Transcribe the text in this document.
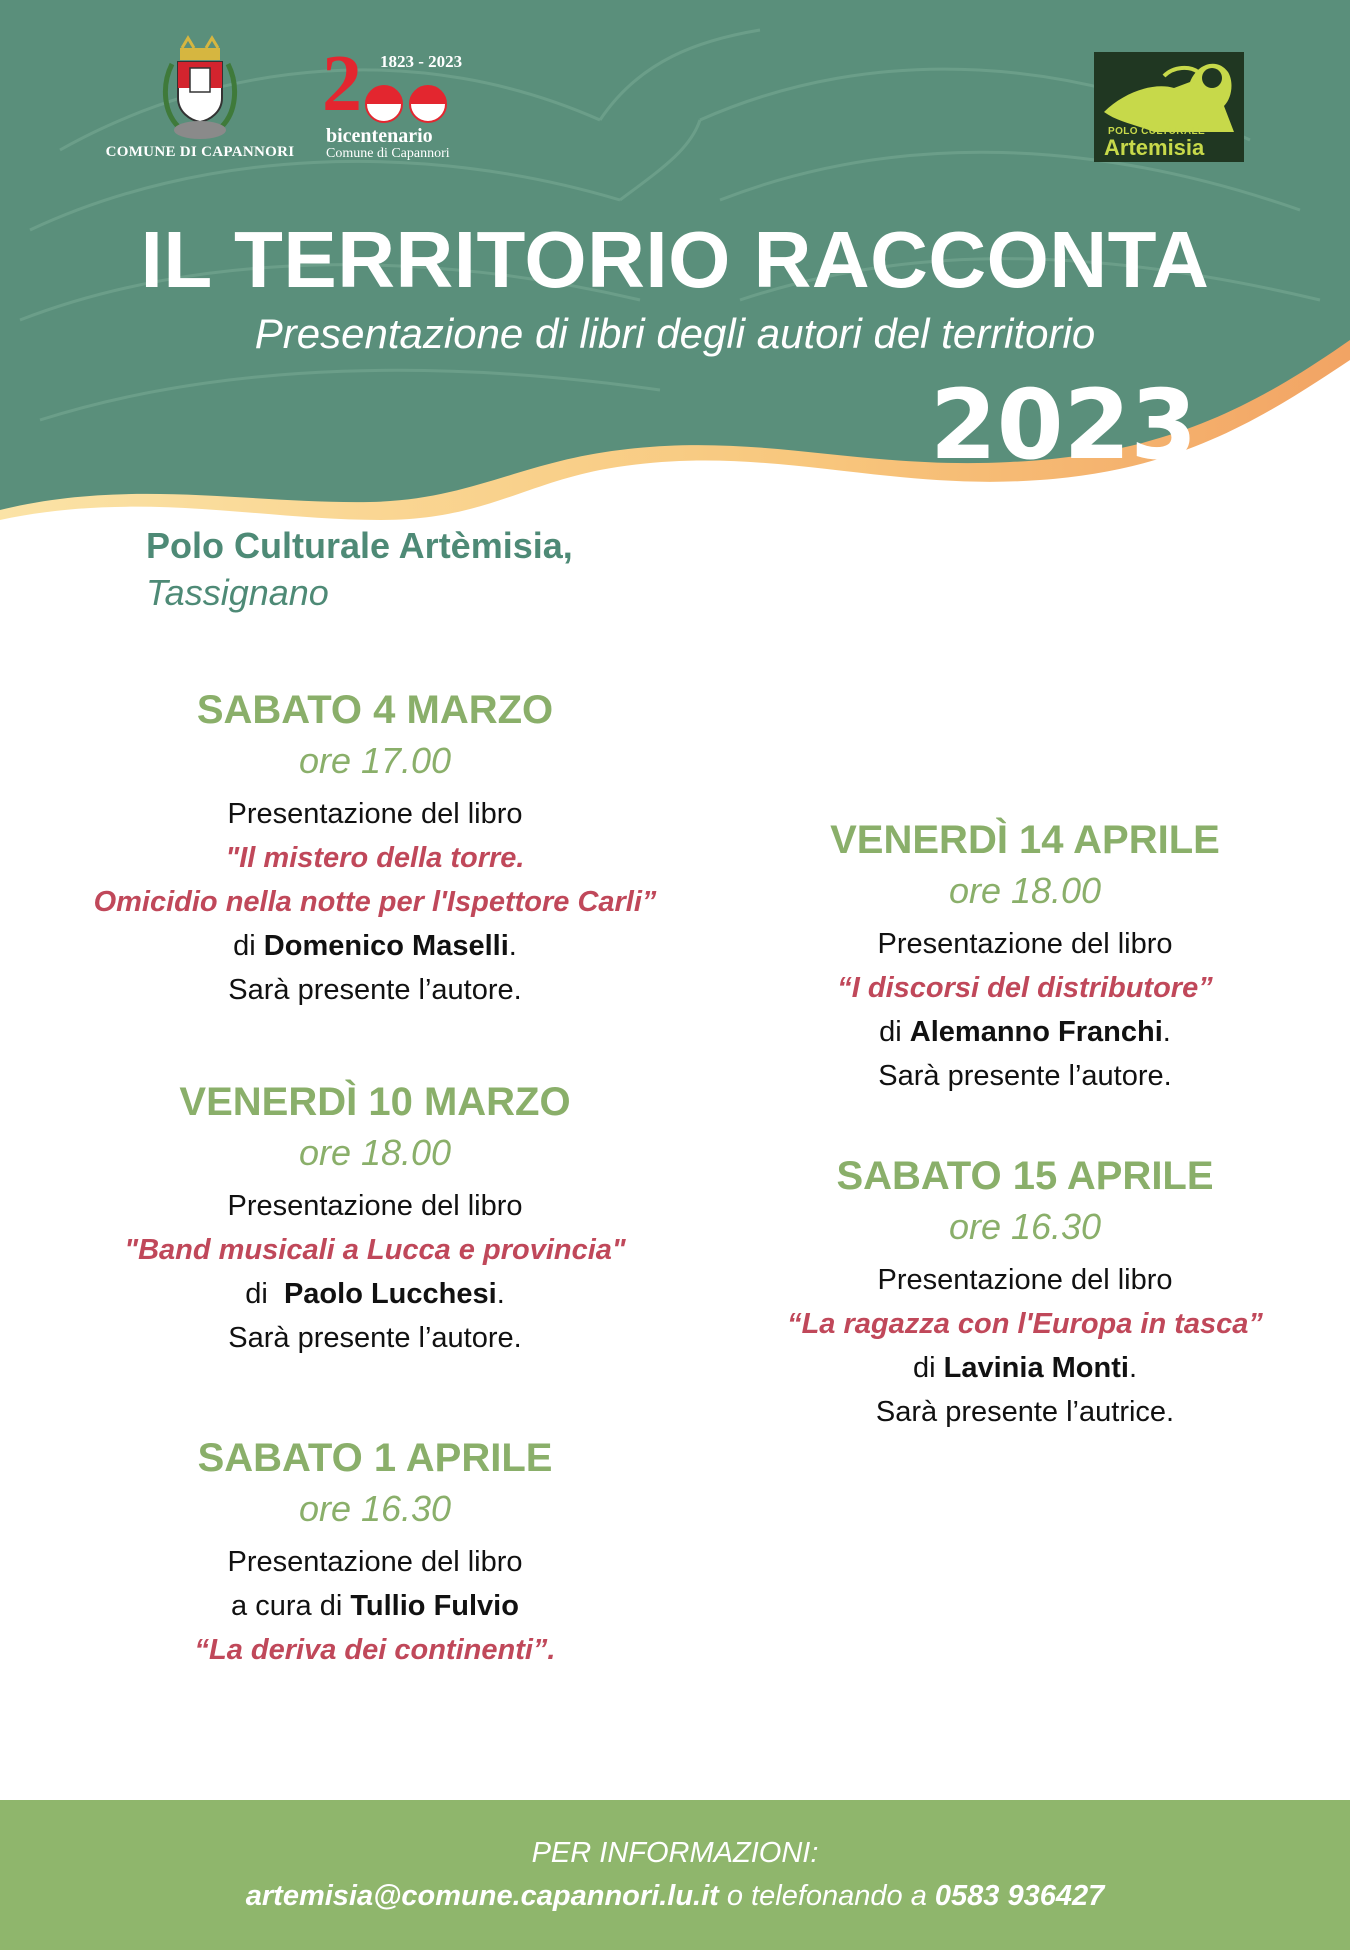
COMUNE DI CAPANNORI
2 1823 - 2023
bicentenario
Comune di Capannori
POLO CULTURALE
Artemisia
IL TERRITORIO RACCONTA
Presentazione di libri degli autori del territorio
2023
Polo Culturale Artèmisia,
Tassignano
SABATO 4 MARZO
ore 17.00
Presentazione del libro
"Il mistero della torre.
Omicidio nella notte per l'Ispettore Carli”
di Domenico Maselli.
Sarà presente l’autore.
VENERDÌ 10 MARZO
ore 18.00
Presentazione del libro
"Band musicali a Lucca e provincia"
di Paolo Lucchesi.
Sarà presente l’autore.
SABATO 1 APRILE
ore 16.30
Presentazione del libro
a cura di Tullio Fulvio
“La deriva dei continenti”.
VENERDÌ 14 APRILE
ore 18.00
Presentazione del libro
“I discorsi del distributore”
di Alemanno Franchi.
Sarà presente l’autore.
SABATO 15 APRILE
ore 16.30
Presentazione del libro
“La ragazza con l'Europa in tasca”
di Lavinia Monti.
Sarà presente l’autrice.
PER INFORMAZIONI:
artemisia@comune.capannori.lu.it o telefonando a 0583 936427
